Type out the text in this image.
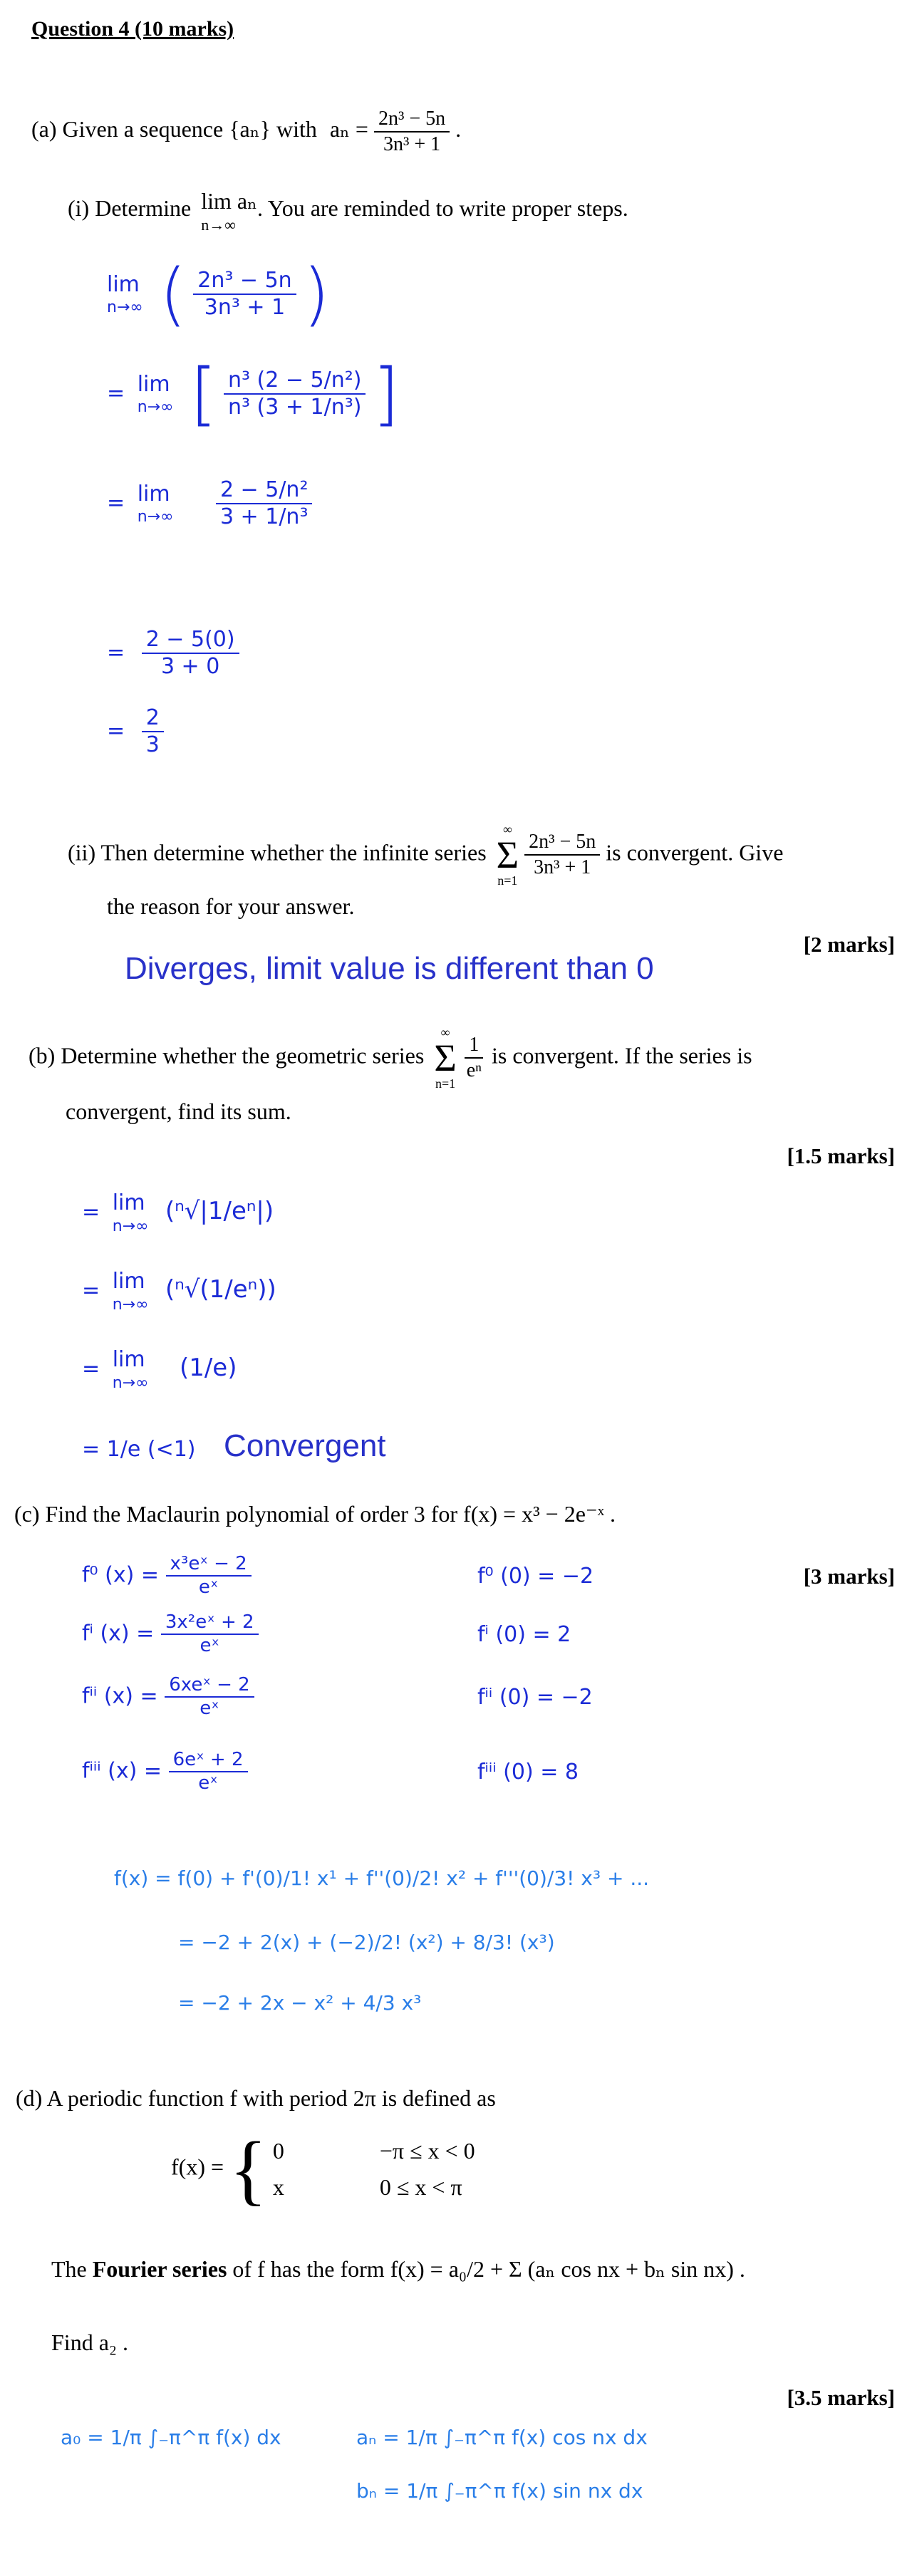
Question 4 (10 marks)
(a) Given a sequence {aₙ} with $a_n = \frac{\text{2n³ − 5n}}{\text{3n³ + 1}}$ .
(i) Determine lim aₙ
n→∞
. You are reminded to write proper steps.
lim
n→∞ ( $\frac{\text{2n³ − 5n}}{\text{3n³ + 1}}$ )
= lim
n→∞ [ $\frac{\text{n³ (2 − 5/n²)}}{\text{n³ (3 + 1/n³)}}$ ]
= lim
n→∞
$\frac{\text{2 − 5/n²}}{\text{3 + 1/n³}}$
= $\frac{2 - 5(0)}{3 + 0}$
= $\frac{2}{3}$
(ii) Then determine whether the infinite series
∞
Σ
n=1

$\frac{\text{2n³ − 5n}}{\text{3n³ + 1}}$ is convergent. Give
the reason for your answer.
[2 marks]
Diverges, limit value is different than 0
(b) Determine whether the geometric series
∞
Σ
n=1

$\frac{1}{\text{eⁿ}}$ is convergent. If the series is
convergent, find its sum.
[1.5 marks]
= lim
n→∞
(ⁿ√|1/eⁿ|)
= lim
n→∞
(ⁿ√(1/eⁿ))
= lim
n→∞
(1/e)
= 1/e (<1) Convergent
(c) Find the Maclaurin polynomial of order 3 for f(x) = x³ − 2e⁻ˣ .
[3 marks]
f⁰ $(x) = \frac{\text{x³eˣ − 2}}{\text{eˣ}}$	f⁰ (0) = −2
fⁱ $(x) = \frac{\text{3x²eˣ + 2}}{\text{eˣ}}$	fⁱ (0) = 2
fⁱⁱ $(x) = \frac{\text{6xeˣ − 2}}{\text{eˣ}}$	fⁱⁱ (0) = −2
fⁱⁱⁱ $(x) = \frac{\text{6eˣ + 2}}{\text{eˣ}}$	fⁱⁱⁱ (0) = 8
f(x) = f(0) + f'(0)/1! x¹ + f''(0)/2! x² + f'''(0)/3! x³ + ...
= −2 + 2(x) + (−2)/2! (x²) + 8/3! (x³)
= −2 + 2x − x² + 4/3 x³
(d) A periodic function f with period 2π is defined as
f(x) = { 0	−π ≤ x < 0
x	0 ≤ x < π
The Fourier series of f has the form f(x) = a₀/2 + Σ (aₙ cos nx + bₙ sin nx) .
Find a₂ .
[3.5 marks]
a₀ = 1/π ∫₋π^π f(x) dx	aₙ = 1/π ∫₋π^π f(x) cos nx dx
bₙ = 1/π ∫₋π^π f(x) sin nx dx
